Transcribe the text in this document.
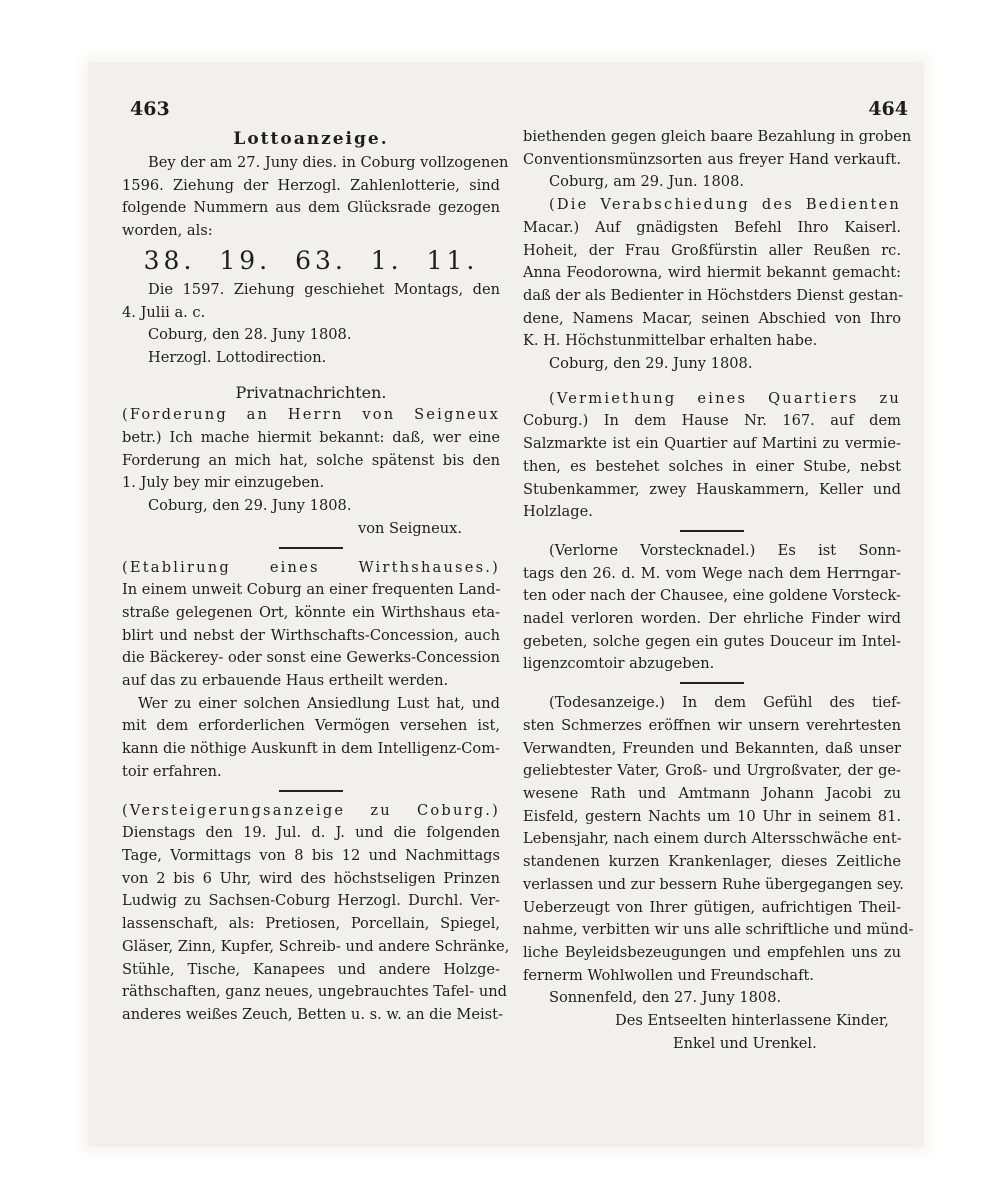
463	464
Lottoanzeige.
Bey der am 27. Juny dies. in Coburg vollzogenen
1596. Ziehung der Herzogl. Zahlenlotterie, sind
folgende Nummern aus dem Glücksrade gezogen
worden, als:
38. 19. 63. 1. 11.
Die 1597. Ziehung geschiehet Montags, den
4. Julii a. c.
Coburg, den 28. Juny 1808.
Herzogl. Lottodirection.
Privatnachrichten.
(Forderung an Herrn von Seigneux
betr.) Ich mache hiermit bekannt: daß, wer eine
Forderung an mich hat, solche spätenst bis den
1. July bey mir einzugeben.
Coburg, den 29. Juny 1808.
von Seigneux.
(Etablirung eines Wirthshauses.)
In einem unweit Coburg an einer frequenten Land-
straße gelegenen Ort, könnte ein Wirthshaus eta-
blirt und nebst der Wirthschafts-Concession, auch
die Bäckerey- oder sonst eine Gewerks-Concession
auf das zu erbauende Haus ertheilt werden.
Wer zu einer solchen Ansiedlung Lust hat, und
mit dem erforderlichen Vermögen versehen ist,
kann die nöthige Auskunft in dem Intelligenz-Com-
toir erfahren.
(Versteigerungsanzeige zu Coburg.)
Dienstags den 19. Jul. d. J. und die folgenden
Tage, Vormittags von 8 bis 12 und Nachmittags
von 2 bis 6 Uhr, wird des höchstseligen Prinzen
Ludwig zu Sachsen-Coburg Herzogl. Durchl. Ver-
lassenschaft, als: Pretiosen, Porcellain, Spiegel,
Gläser, Zinn, Kupfer, Schreib- und andere Schränke,
Stühle, Tische, Kanapees und andere Holzge-
räthschaften, ganz neues, ungebrauchtes Tafel- und
anderes weißes Zeuch, Betten u. s. w. an die Meist-
biethenden gegen gleich baare Bezahlung in groben
Conventionsmünzsorten aus freyer Hand verkauft.
Coburg, am 29. Jun. 1808.
(Die Verabschiedung des Bedienten
Macar.) Auf gnädigsten Befehl Ihro Kaiserl.
Hoheit, der Frau Großfürstin aller Reußen rc.
Anna Feodorowna, wird hiermit bekannt gemacht:
daß der als Bedienter in Höchstders Dienst gestan-
dene, Namens Macar, seinen Abschied von Ihro
K. H. Höchstunmittelbar erhalten habe.
Coburg, den 29. Juny 1808.
(Vermiethung eines Quartiers zu
Coburg.) In dem Hause Nr. 167. auf dem
Salzmarkte ist ein Quartier auf Martini zu vermie-
then, es bestehet solches in einer Stube, nebst
Stubenkammer, zwey Hauskammern, Keller und
Holzlage.
(Verlorne Vorstecknadel.) Es ist Sonn-
tags den 26. d. M. vom Wege nach dem Herrngar-
ten oder nach der Chausee, eine goldene Vorsteck-
nadel verloren worden. Der ehrliche Finder wird
gebeten, solche gegen ein gutes Douceur im Intel-
ligenzcomtoir abzugeben.
(Todesanzeige.) In dem Gefühl des tief-
sten Schmerzes eröffnen wir unsern verehrtesten
Verwandten, Freunden und Bekannten, daß unser
geliebtester Vater, Groß- und Urgroßvater, der ge-
wesene Rath und Amtmann Johann Jacobi zu
Eisfeld, gestern Nachts um 10 Uhr in seinem 81.
Lebensjahr, nach einem durch Altersschwäche ent-
standenen kurzen Krankenlager, dieses Zeitliche
verlassen und zur bessern Ruhe übergegangen sey.
Ueberzeugt von Ihrer gütigen, aufrichtigen Theil-
nahme, verbitten wir uns alle schriftliche und münd-
liche Beyleidsbezeugungen und empfehlen uns zu
fernerm Wohlwollen und Freundschaft.
Sonnenfeld, den 27. Juny 1808.
Des Entseelten hinterlassene Kinder,
Enkel und Urenkel.
